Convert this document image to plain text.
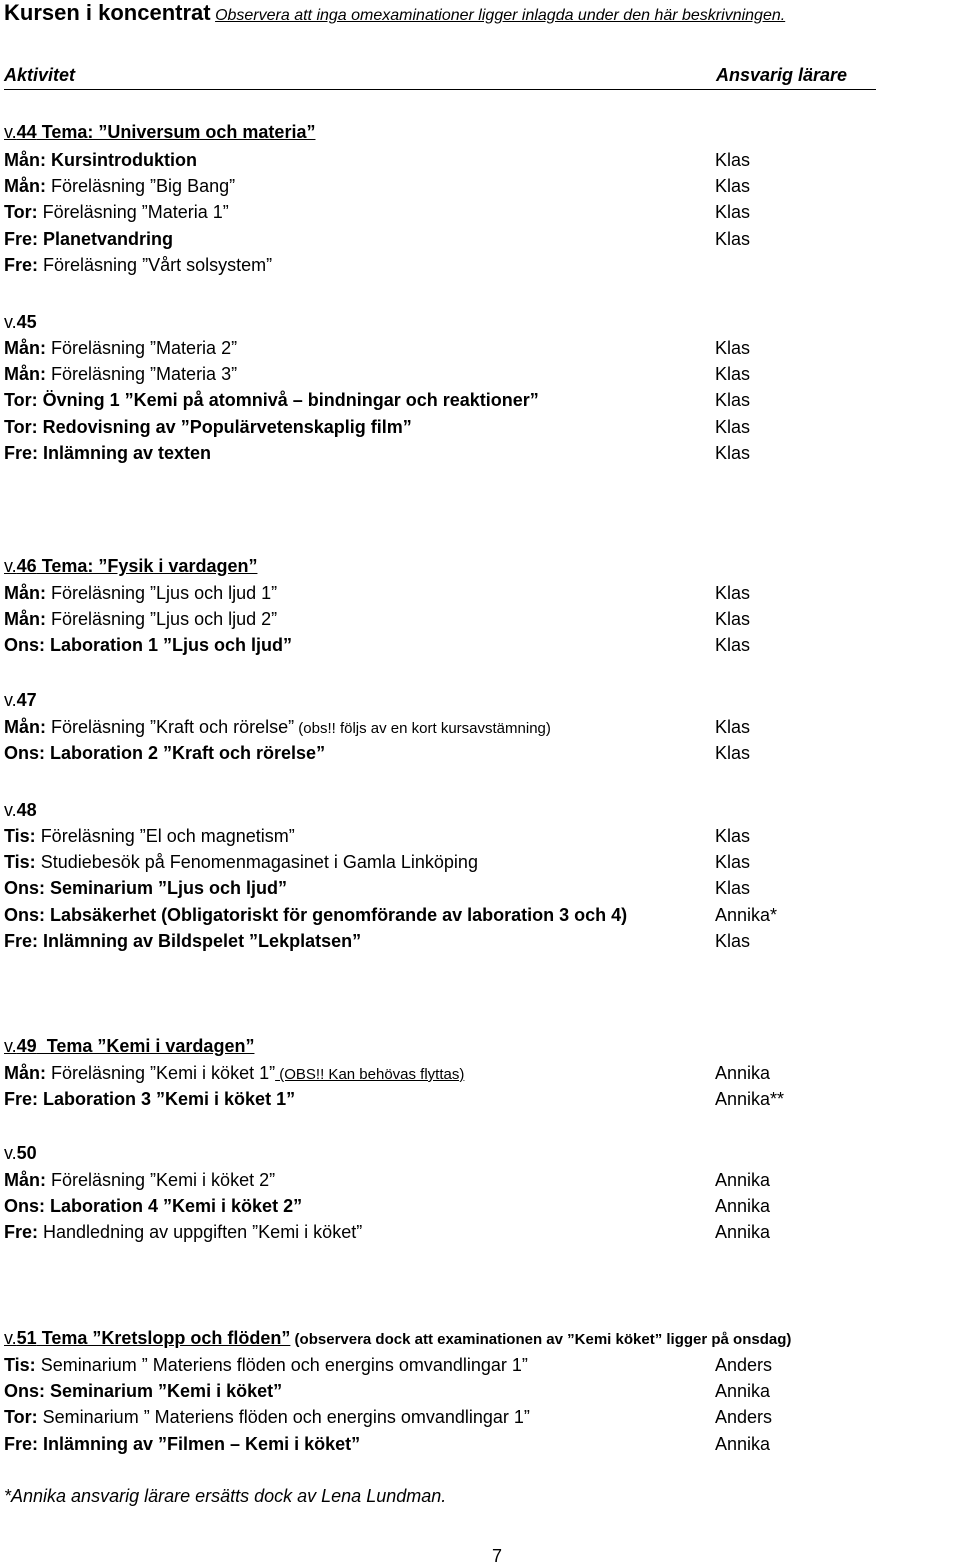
Kursen i koncentrat Observera att inga omexaminationer ligger inlagda under den här beskrivningen.
Aktivitet	Ansvarig lärare
v.44 Tema: ”Universum och materia”
Mån: Kursintroduktion	Klas
Mån: Föreläsning ”Big Bang”	Klas
Tor: Föreläsning ”Materia 1”	Klas
Fre: Planetvandring	Klas
Fre: Föreläsning ”Vårt solsystem”
v.45
Mån: Föreläsning ”Materia 2”	Klas
Mån: Föreläsning ”Materia 3”	Klas
Tor: Övning 1 ”Kemi på atomnivå – bindningar och reaktioner”	Klas
Tor: Redovisning av ”Populärvetenskaplig film”	Klas
Fre: Inlämning av texten	Klas
v.46 Tema: ”Fysik i vardagen”
Mån: Föreläsning ”Ljus och ljud 1”	Klas
Mån: Föreläsning ”Ljus och ljud 2”	Klas
Ons: Laboration 1 ”Ljus och ljud”	Klas
v.47
Mån: Föreläsning ”Kraft och rörelse” (obs!! följs av en kort kursavstämning)	Klas
Ons: Laboration 2 ”Kraft och rörelse”	Klas
v.48
Tis: Föreläsning ”El och magnetism”	Klas
Tis: Studiebesök på Fenomenmagasinet i Gamla Linköping	Klas
Ons: Seminarium ”Ljus och ljud”	Klas
Ons: Labsäkerhet (Obligatoriskt för genomförande av laboration 3 och 4)	Annika*
Fre: Inlämning av Bildspelet ”Lekplatsen”	Klas
v.49  Tema ”Kemi i vardagen”
Mån: Föreläsning ”Kemi i köket 1” (OBS!! Kan behövas flyttas)	Annika
Fre: Laboration 3 ”Kemi i köket 1”	Annika**
v.50
Mån: Föreläsning ”Kemi i köket 2”	Annika
Ons: Laboration 4 ”Kemi i köket 2”	Annika
Fre: Handledning av uppgiften ”Kemi i köket”	Annika
v.51 Tema ”Kretslopp och flöden” (observera dock att examinationen av ”Kemi köket” ligger på onsdag)
Tis: Seminarium ” Materiens flöden och energins omvandlingar 1”	Anders
Ons: Seminarium ”Kemi i köket”	Annika
Tor: Seminarium ” Materiens flöden och energins omvandlingar 1”	Anders
Fre: Inlämning av ”Filmen – Kemi i köket”	Annika
*Annika ansvarig lärare ersätts dock av Lena Lundman.
7
